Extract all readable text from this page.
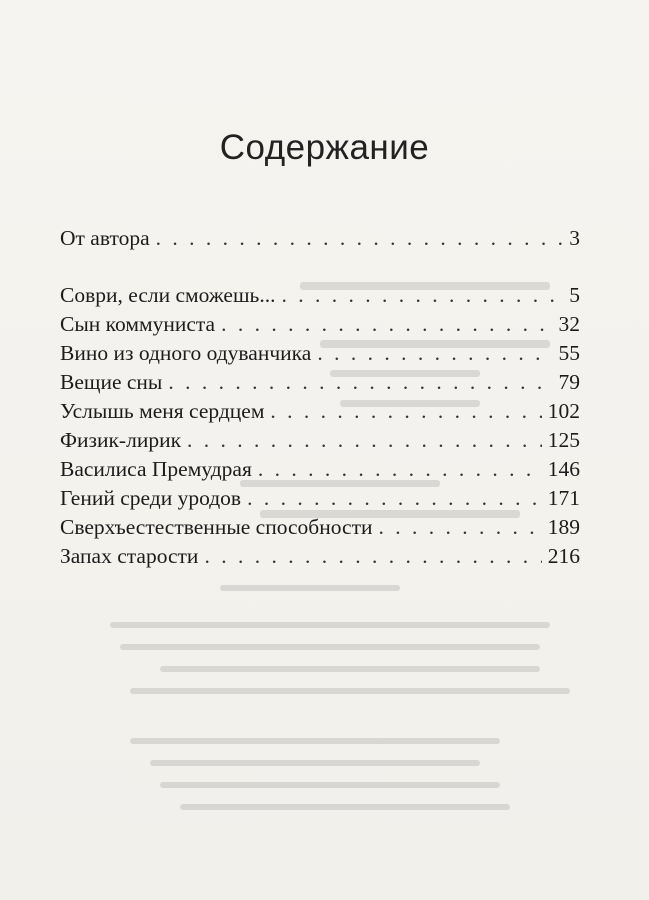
Содержание
От автора . . .	3
Соври, если сможешь... . . .	5
Сын коммуниста . . .	32
Вино из одного одуванчика . . .	55
Вещие сны . . .	79
Услышь меня сердцем . . .	102
Физик-лирик . . .	125
Василиса Премудрая . . .	146
Гений среди уродов . . .	171
Сверхъестественные способности . . .	189
Запах старости . . .	216
